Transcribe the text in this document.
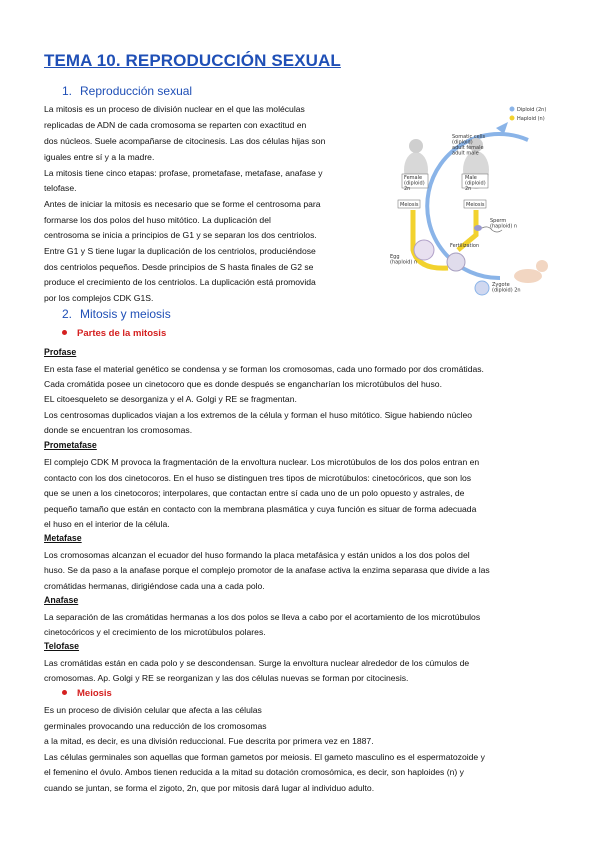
TEMA 10. REPRODUCCIÓN SEXUAL
1. Reproducción sexual
La mitosis es un proceso de división nuclear en el que las moléculas
replicadas de ADN de cada cromosoma se reparten con exactitud en
dos núcleos. Suele acompañarse de citocinesis. Las dos células hijas son
iguales entre sí y a la madre.
La mitosis tiene cinco etapas: profase, prometafase, metafase, anafase y
telofase.
Antes de iniciar la mitosis es necesario que se forme el centrosoma para
formarse los dos polos del huso mitótico. La duplicación del
centrosoma se inicia a principios de G1 y se separan los dos centriolos.
Entre G1 y S tiene lugar la duplicación de los centriolos, produciéndose
dos centriolos pequeños. Desde principios de S hasta finales de G2 se
produce el crecimiento de los centriolos. La duplicación está promovida
por los complejos CDK G1S.
Diploid (2n)
Haploid (n)
Somatic cells (diploid) adult female adult male
Female (diploid) 2n
Male (diploid) 2n
Meiosis	Meiosis
Sperm (haploid) n
Egg (haploid) n
Fertilization
Zygote (diploid) 2n
2. Mitosis y meiosis
Partes de la mitosis
Profase
En esta fase el material genético se condensa y se forman los cromosomas, cada uno formado por dos cromátidas.
Cada cromátida posee un cinetocoro que es donde después se engancharían los microtúbulos del huso.
EL citoesqueleto se desorganiza y el A. Golgi y RE se fragmentan.
Los centrosomas duplicados viajan a los extremos de la célula y forman el huso mitótico. Sigue habiendo núcleo
donde se encuentran los cromosomas.
Prometafase
El complejo CDK M provoca la fragmentación de la envoltura nuclear. Los microtúbulos de los dos polos entran en
contacto con los dos cinetocoros. En el huso se distinguen tres tipos de microtúbulos: cinetocóricos, que son los
que se unen a los cinetocoros; interpolares, que contactan entre sí cada uno de un polo opuesto y astrales, de
pequeño tamaño que están en contacto con la membrana plasmática y cuya función es situar de forma adecuada
el huso en el interior de la célula.
Metafase
Los cromosomas alcanzan el ecuador del huso formando la placa metafásica y están unidos a los dos polos del
huso. Se da paso a la anafase porque el complejo promotor de la anafase activa la enzima separasa que divide a las
cromátidas hermanas, dirigiéndose cada una a cada polo.
Anafase
La separación de las cromátidas hermanas a los dos polos se lleva a cabo por el acortamiento de los microtúbulos
cinetocóricos y el crecimiento de los microtúbulos polares.
Telofase
Las cromátidas están en cada polo y se descondensan. Surge la envoltura nuclear alrededor de los cúmulos de
cromosomas. Ap. Golgi y RE se reorganizan y las dos células nuevas se forman por citocinesis.
Meiosis
Es un proceso de división celular que afecta a las células
germinales provocando una reducción de los cromosomas
a la mitad, es decir, es una división reduccional. Fue descrita por primera vez en 1887.
Las células germinales son aquellas que forman gametos por meiosis. El gameto masculino es el espermatozoide y
el femenino el óvulo. Ambos tienen reducida a la mitad su dotación cromosómica, es decir, son haploides (n) y
cuando se juntan, se forma el zigoto, 2n, que por mitosis dará lugar al individuo adulto.
